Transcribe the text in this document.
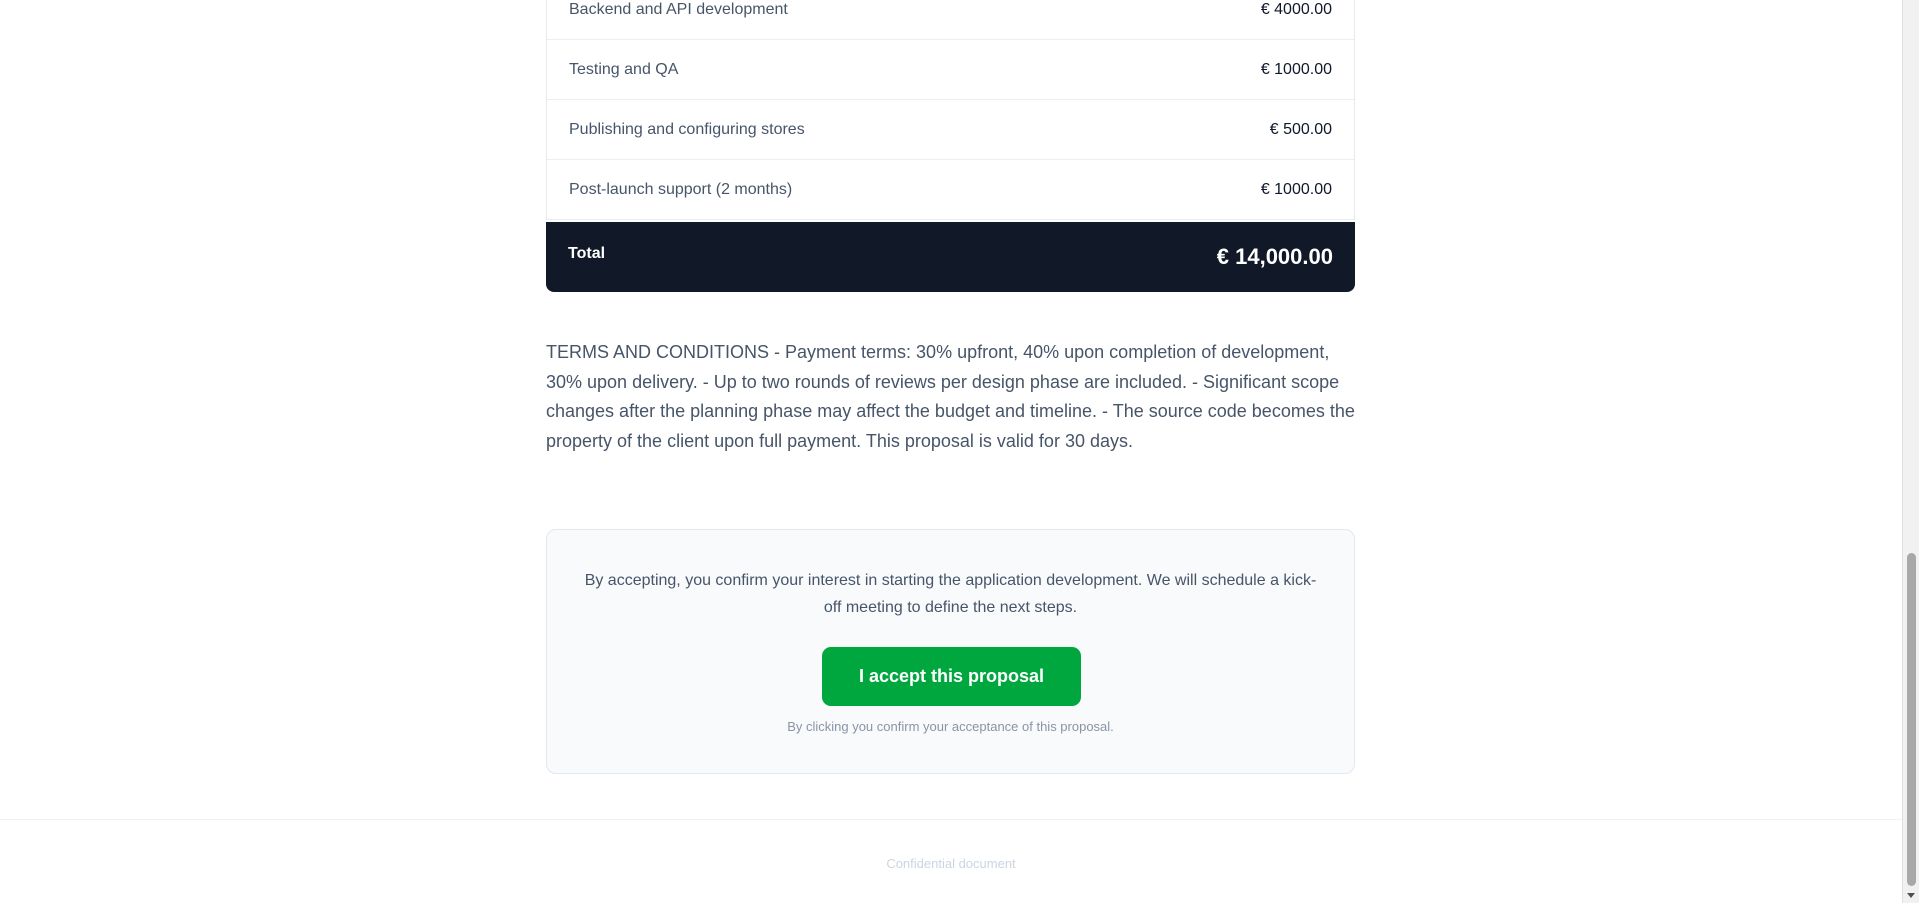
Backend and API development	€ 4000.00
Testing and QA	€ 1000.00
Publishing and configuring stores	€ 500.00
Post-launch support (2 months)	€ 1000.00
Total	€ 14,000.00

TERMS AND CONDITIONS - Payment terms: 30% upfront, 40% upon completion of development, 30% upon delivery. - Up to two rounds of reviews per design phase are included. - Significant scope changes after the planning phase may affect the budget and timeline. - The source code becomes the property of the client upon full payment. This proposal is valid for 30 days.

By accepting, you confirm your interest in starting the application development. We will schedule a kick-off meeting to define the next steps.

I accept this proposal

By clicking you confirm your acceptance of this proposal.

Confidential document
